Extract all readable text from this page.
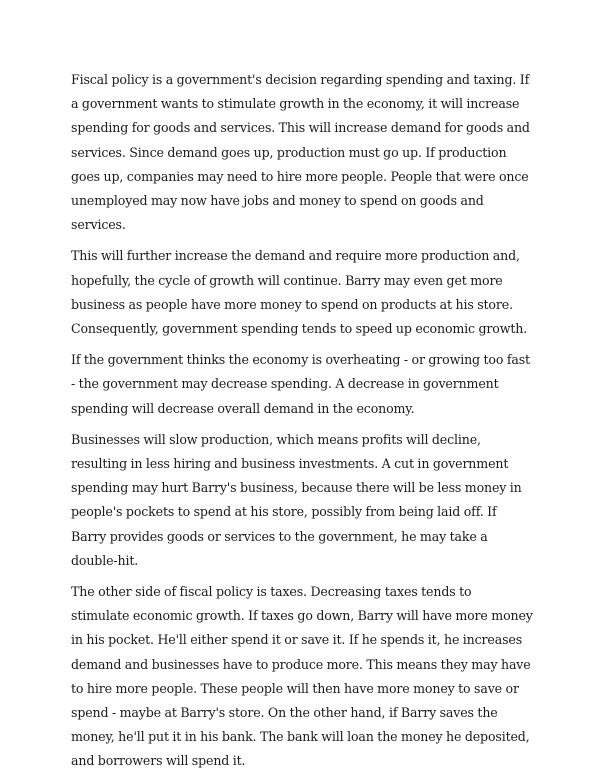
Fiscal policy is a government's decision regarding spending and taxing. If a government wants to stimulate growth in the economy, it will increase spending for goods and services. This will increase demand for goods and services. Since demand goes up, production must go up. If production goes up, companies may need to hire more people. People that were once unemployed may now have jobs and money to spend on goods and services.

This will further increase the demand and require more production and, hopefully, the cycle of growth will continue. Barry may even get more business as people have more money to spend on products at his store. Consequently, government spending tends to speed up economic growth.

If the government thinks the economy is overheating - or growing too fast - the government may decrease spending. A decrease in government spending will decrease overall demand in the economy.

Businesses will slow production, which means profits will decline, resulting in less hiring and business investments. A cut in government spending may hurt Barry's business, because there will be less money in people's pockets to spend at his store, possibly from being laid off. If Barry provides goods or services to the government, he may take a double-hit.

The other side of fiscal policy is taxes. Decreasing taxes tends to stimulate economic growth. If taxes go down, Barry will have more money in his pocket. He'll either spend it or save it. If he spends it, he increases demand and businesses have to produce more. This means they may have to hire more people. These people will then have more money to save or spend - maybe at Barry's store. On the other hand, if Barry saves the money, he'll put it in his bank. The bank will loan the money he deposited, and borrowers will spend it.
